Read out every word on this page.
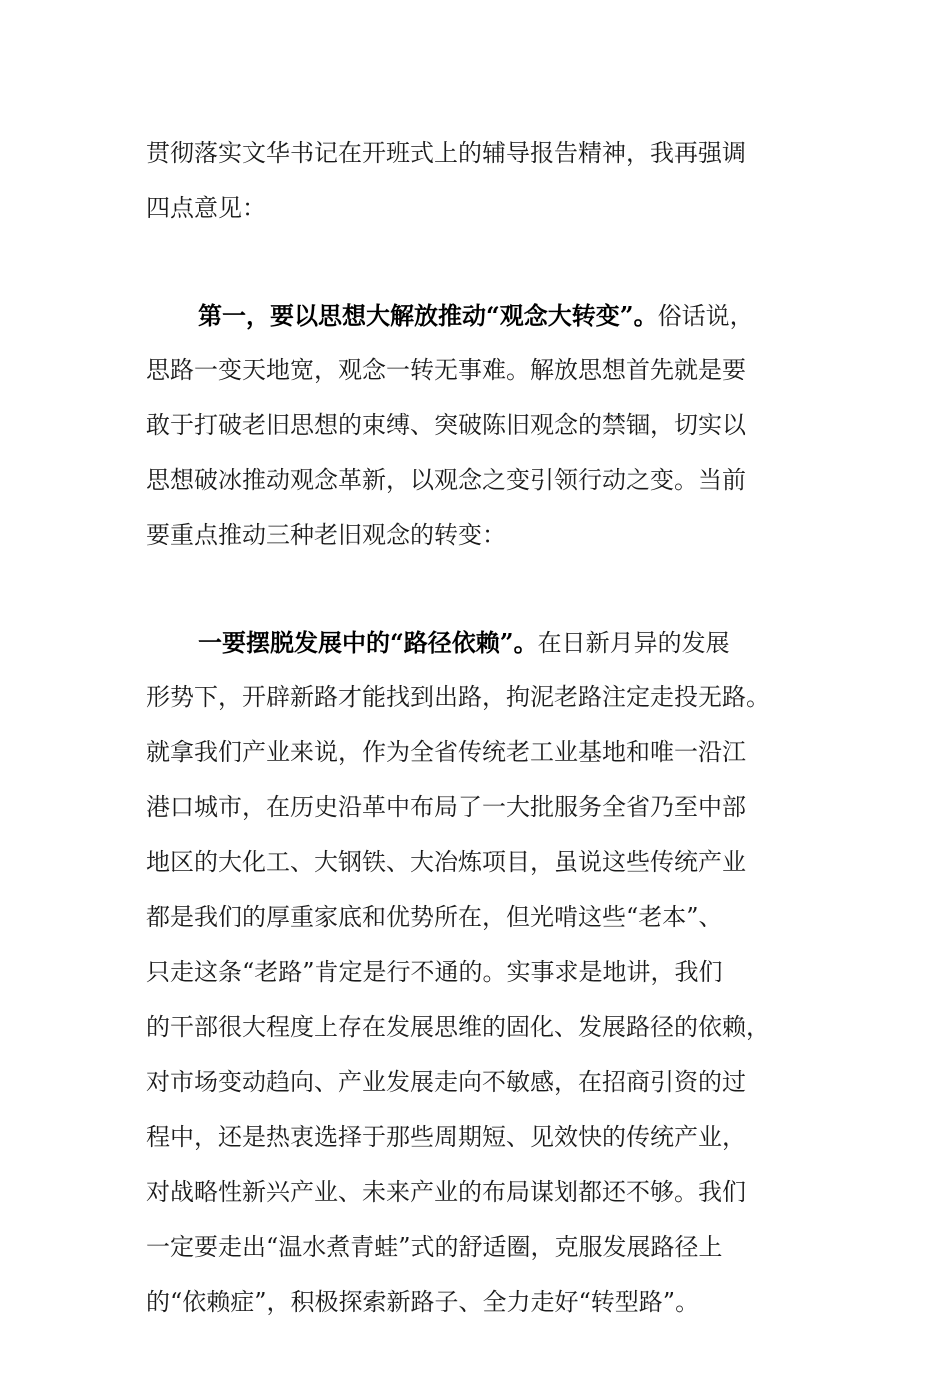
贯彻落实文华书记在开班式上的辅导报告精神，我再强调
四点意见：
第一，要以思想大解放推动“观念大转变”。俗话说，
思路一变天地宽，观念一转无事难。解放思想首先就是要
敢于打破老旧思想的束缚、突破陈旧观念的禁锢，切实以
思想破冰推动观念革新，以观念之变引领行动之变。当前
要重点推动三种老旧观念的转变：
一要摆脱发展中的“路径依赖”。在日新月异的发展
形势下，开辟新路才能找到出路，拘泥老路注定走投无路。
就拿我们产业来说，作为全省传统老工业基地和唯一沿江
港口城市，在历史沿革中布局了一大批服务全省乃至中部
地区的大化工、大钢铁、大冶炼项目，虽说这些传统产业
都是我们的厚重家底和优势所在，但光啃这些“老本”、
只走这条“老路”肯定是行不通的。实事求是地讲，我们
的干部很大程度上存在发展思维的固化、发展路径的依赖，
对市场变动趋向、产业发展走向不敏感，在招商引资的过
程中，还是热衷选择于那些周期短、见效快的传统产业，
对战略性新兴产业、未来产业的布局谋划都还不够。我们
一定要走出“温水煮青蛙”式的舒适圈，克服发展路径上
的“依赖症”，积极探索新路子、全力走好“转型路”。
